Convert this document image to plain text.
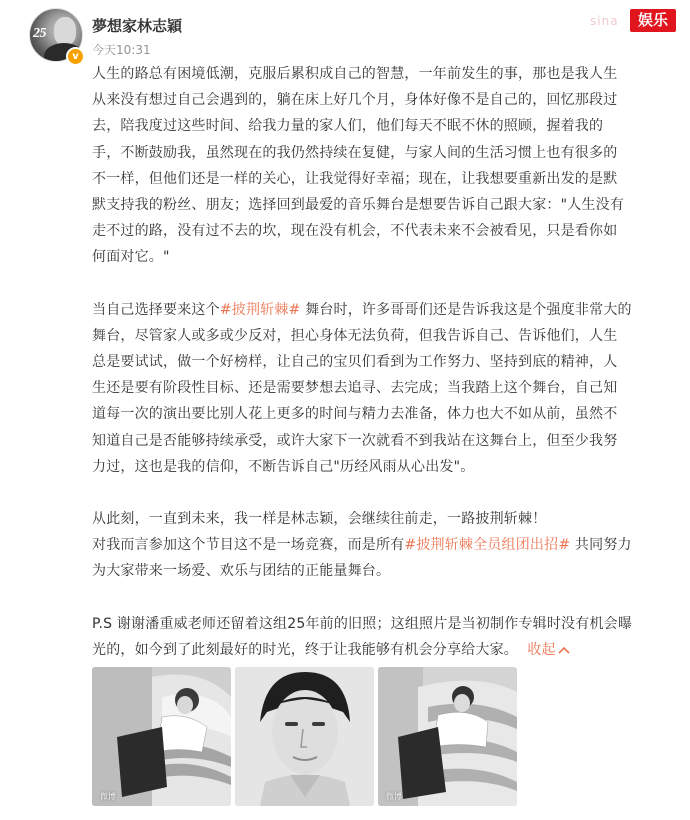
25
v
夢想家林志穎
今天10:31
sina	娱乐

人生的路总有困境低潮，克服后累积成自己的智慧，一年前发生的事，那也是我人生
从来没有想过自己会遇到的，躺在床上好几个月，身体好像不是自己的，回忆那段过
去，陪我度过这些时间、给我力量的家人们，他们每天不眠不休的照顾，握着我的
手，不断鼓励我，虽然现在的我仍然持续在复健，与家人间的生活习惯上也有很多的
不一样，但他们还是一样的关心，让我觉得好幸福；现在，让我想要重新出发的是默
默支持我的粉丝、朋友；选择回到最爱的音乐舞台是想要告诉自己跟大家："人生没有
走不过的路，没有过不去的坎，现在没有机会，不代表未来不会被看见，只是看你如
何面对它。"

当自己选择要来这个#披荆斩棘# 舞台时，许多哥哥们还是告诉我这是个强度非常大的
舞台，尽管家人或多或少反对，担心身体无法负荷，但我告诉自己、告诉他们，人生
总是要试试，做一个好榜样，让自己的宝贝们看到为工作努力、坚持到底的精神，人
生还是要有阶段性目标、还是需要梦想去追寻、去完成；当我踏上这个舞台，自己知
道每一次的演出要比别人花上更多的时间与精力去准备，体力也大不如从前，虽然不
知道自己是否能够持续承受，或许大家下一次就看不到我站在这舞台上，但至少我努
力过，这也是我的信仰，不断告诉自己"历经风雨从心出发"。

从此刻，一直到未来，我一样是林志颖，会继续往前走，一路披荆斩棘！
对我而言参加这个节目这不是一场竞赛，而是所有#披荆斩棘全员组团出招# 共同努力
为大家带来一场爱、欢乐与团结的正能量舞台。

P.S 谢谢潘重威老师还留着这组25年前的旧照；这组照片是当初制作专辑时没有机会曝
光的，如今到了此刻最好的时光，终于让我能够有机会分享给大家。 收起

微博	微博
